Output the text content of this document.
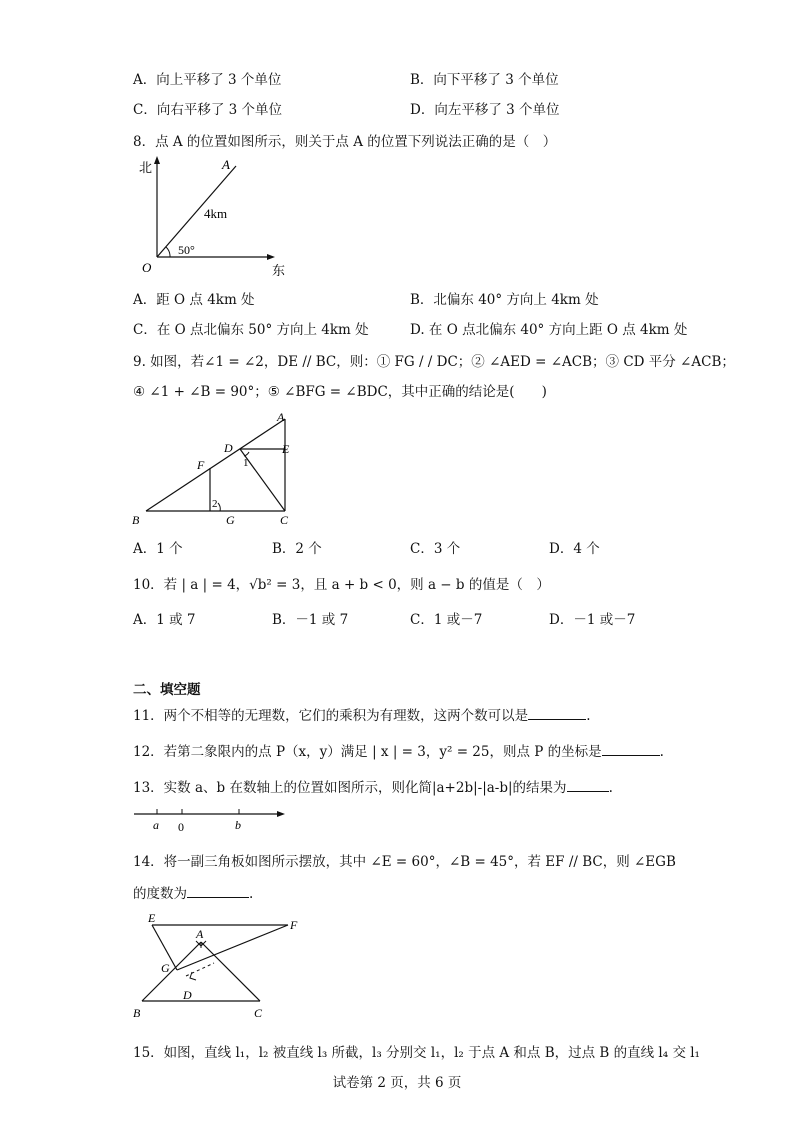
A．向上平移了 3 个单位	B．向下平移了 3 个单位
C．向右平移了 3 个单位	D．向左平移了 3 个单位
8．点 A 的位置如图所示，则关于点 A 的位置下列说法正确的是（　）
北
东
O
A
4km
50°
A．距 O 点 4km 处	B．北偏东 40° 方向上 4km 处
C．在 O 点北偏东 50° 方向上 4km 处	D. 在 O 点北偏东 40° 方向上距 O 点 4km 处
9. 如图，若∠1 = ∠2，DE // BC，则：① FG / / DC；② ∠AED = ∠ACB；③ CD 平分 ∠ACB；
④ ∠1 + ∠B = 90°；⑤ ∠BFG = ∠BDC，其中正确的结论是(　　)
A
B	C
D	E
F
G
1
2
A．1 个	B．2 个	C．3 个	D．4 个
10．若 | a | = 4，√b² = 3，且 a + b < 0，则 a − b 的值是（　）
A．1 或 7	B．－1 或 7	C．1 或－7	D．－1 或－7
二、填空题
11．两个不相等的无理数，它们的乘积为有理数，这两个数可以是	.
12．若第二象限内的点 P（x，y）满足 | x | = 3，y² = 25，则点 P 的坐标是	.
13．实数 a、b 在数轴上的位置如图所示，则化简|a+2b|-|a-b|的结果为	.
a 0	b
14．将一副三角板如图所示摆放，其中 ∠E = 60°，∠B = 45°，若 EF // BC，则 ∠EGB
的度数为	.
E	F
A
G
D
B	C
15．如图，直线 l₁，l₂ 被直线 l₃ 所截，l₃ 分别交 l₁，l₂ 于点 A 和点 B，过点 B 的直线 l₄ 交 l₁
试卷第 2 页，共 6 页
